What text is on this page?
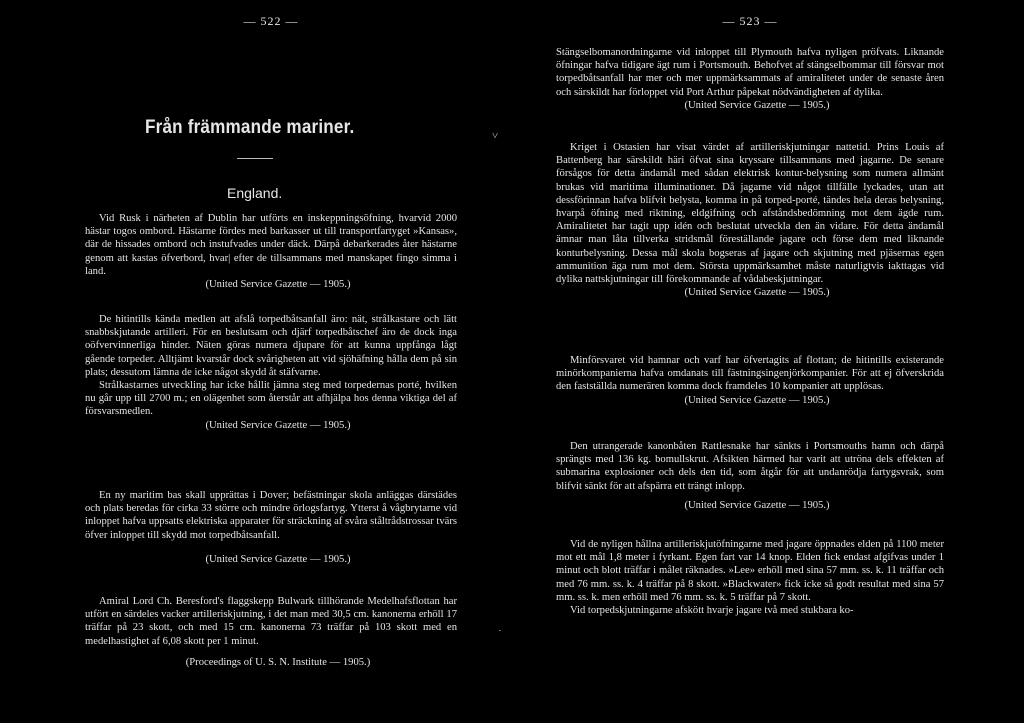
— 522 —
Från främmande mariner.
England.

Vid Rusk i närheten af Dublin har utförts en inskeppningsöfning, hvarvid 2000 hästar togos ombord. Hästarne fördes med barkasser ut till transportfartyget »Kansas», där de hissades ombord och instufvades under däck. Därpå debarkerades åter hästarne genom att kastas öfverbord, hvar| efter de tillsammans med manskapet fingo simma i land.

(United Service Gazette — 1905.)

De hitintills kända medlen att afslå torpedbåtsanfall äro: nät, strålkastare och lätt snabbskjutande artilleri. För en beslutsam och djärf torpedbåtschef äro de dock inga oöfvervinnerliga hinder. Näten göras numera djupare för att kunna uppfånga lågt gående torpeder. Alltjämt kvarstår dock svårigheten att vid sjöhäfning hålla dem på sin plats; dessutom lämna de icke något skydd åt stäfvarne.

Strålkastarnes utveckling har icke hållit jämna steg med torpedernas porté, hvilken nu går upp till 2700 m.; en olägenhet som återstår att afhjälpa hos denna viktiga del af försvarsmedlen.

(United Service Gazette — 1905.)

En ny maritim bas skall upprättas i Dover; befästningar skola anläggas därstädes och plats beredas för cirka 33 större och mindre örlogsfartyg. Ytterst å vågbrytarne vid inloppet hafva uppsatts elektriska apparater för sträckning af svåra ståltrådstrossar tvärs öfver inloppet till skydd mot torpedbåtsanfall.

(United Service Gazette — 1905.)

Amiral Lord Ch. Beresford's flaggskepp Bulwark tillhörande Medelhafsflottan har utfört en särdeles vacker artilleriskjutning, i det man med 30,5 cm. kanonerna erhöll 17 träffar på 23 skott, och med 15 cm. kanonerna 73 träffar på 103 skott med en medelhastighet af 6,08 skott per 1 minut.

(Proceedings of U. S. N. Institute — 1905.)

˅
˙
— 523 —

Stängselbomanordningarne vid inloppet till Plymouth hafva nyligen pröfvats. Liknande öfningar hafva tidigare ägt rum i Portsmouth. Behofvet af stängselbommar till försvar mot torpedbåtsanfall har mer och mer uppmärksammats af amiralitetet under de senaste åren och särskildt har förloppet vid Port Arthur påpekat nödvändigheten af dylika.

(United Service Gazette — 1905.)

Kriget i Ostasien har visat värdet af artilleriskjutningar nattetid. Prins Louis af Battenberg har särskildt häri öfvat sina kryssare tillsammans med jagarne. De senare försågos för detta ändamål med sådan elektrisk kontur-belysning som numera allmänt brukas vid maritima illuminationer. Då jagarne vid något tillfälle lyckades, utan att dessförinnan hafva blifvit belysta, komma in på torped-porté, tändes hela deras belysning, hvarpå öfning med riktning, eldgifning och afståndsbedömning mot dem ägde rum. Amiralitetet har tagit upp idén och beslutat utveckla den än vidare. För detta ändamål ämnar man låta tillverka stridsmål föreställande jagare och förse dem med liknande konturbelysning. Dessa mål skola bogseras af jagare och skjutning med pjäsernas egen ammunition äga rum mot dem. Största uppmärksamhet måste naturligtvis iakttagas vid dylika nattskjutningar till förekommande af vådabeskjutningar.

(United Service Gazette — 1905.)

Minförsvaret vid hamnar och varf har öfvertagits af flottan; de hitintills existerande minörkompanierna hafva omdanats till fästningsingenjörkompanier. För att ej öfverskrida den fastställda numerären komma dock framdeles 10 kompanier att upplösas.

(United Service Gazette — 1905.)

Den utrangerade kanonbåten Rattlesnake har sänkts i Portsmouths hamn och därpå sprängts med 136 kg. bomullskrut. Afsikten härmed har varit att utröna dels effekten af submarina explosioner och dels den tid, som åtgår för att undanrödja fartygsvrak, som blifvit sänkt för att afspärra ett trängt inlopp.

(United Service Gazette — 1905.)

Vid de nyligen hållna artilleriskjutöfningarne med jagare öppnades elden på 1100 meter mot ett mål 1,8 meter i fyrkant. Egen fart var 14 knop. Elden fick endast afgifvas under 1 minut och blott träffar i målet räknades. »Lee» erhöll med sina 57 mm. ss. k. 11 träffar och med 76 mm. ss. k. 4 träffar på 8 skott. »Blackwater» fick icke så godt resultat med sina 57 mm. ss. k. men erhöll med 76 mm. ss. k. 5 träffar på 7 skott.

Vid torpedskjutningarne afskött hvarje jagare två med stukbara ko-
